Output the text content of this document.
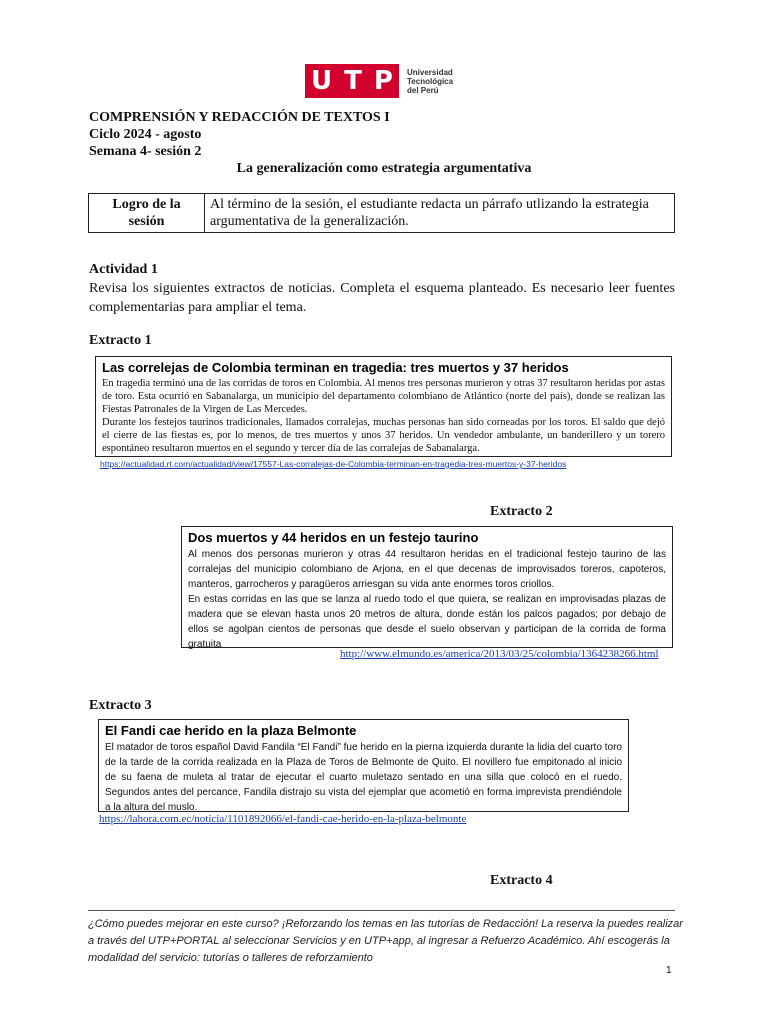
U T P Universidad
Tecnológica
del Perú
COMPRENSIÓN Y REDACCIÓN DE TEXTOS I
Ciclo 2024 - agosto
Semana 4- sesión 2
La generalización como estrategia argumentativa
Logro de la sesión	Al término de la sesión, el estudiante redacta un párrafo utlizando la estrategia argumentativa de la generalización.
Actividad 1
Revisa los siguientes extractos de noticias. Completa el esquema planteado. Es necesario leer fuentes complementarias para ampliar el tema.
Extracto 1
Las correlejas de Colombia terminan en tragedia: tres muertos y 37 heridos

En tragedia terminó una de las corridas de toros en Colombia. Al menos tres personas murieron y otras 37 resultaron heridas por astas de toro. Esta ocurrió en Sabanalarga, un municipio del departamento colombiano de Atlántico (norte del país), donde se realizan las Fiestas Patronales de la Virgen de Las Mercedes.

Durante los festejos taurinos tradicionales, llamados corralejas, muchas personas han sido corneadas por los toros. El saldo que dejó el cierre de las fiestas es, por lo menos, de tres muertos y unos 37 heridos. Un vendedor ambulante, un banderillero y un torero espontáneo resultaron muertos en el segundo y tercer día de las corralejas de Sabanalarga.

https://actualidad.rt.com/actualidad/view/17557-Las-corralejas-de-Colombia-terminan-en-tragedia-tres-muertos-y-37-heridos
Extracto 2
Dos muertos y 44 heridos en un festejo taurino

Al menos dos personas murieron y otras 44 resultaron heridas en el tradicional festejo taurino de las corralejas del municipio colombiano de Arjona, en el que decenas de improvisados toreros, capoteros, manteros, garrocheros y paragüeros arriesgan su vida ante enormes toros criollos.

En estas corridas en las que se lanza al ruedo todo el que quiera, se realizan en improvisadas plazas de madera que se elevan hasta unos 20 metros de altura, donde están los palcos pagados; por debajo de ellos se agolpan cientos de personas que desde el suelo observan y participan de la corrida de forma gratuita

http://www.elmundo.es/america/2013/03/25/colombia/1364238266.html
Extracto 3
El Fandi cae herido en la plaza Belmonte

El matador de toros español David Fandila “El Fandi” fue herido en la pierna izquierda durante la lidia del cuarto toro de la tarde de la corrida realizada en la Plaza de Toros de Belmonte de Quito. El novillero fue empitonado al inicio de su faena de muleta al tratar de ejecutar el cuarto muletazo sentado en una silla que colocó en el ruedo. Segundos antes del percance, Fandila distrajo su vista del ejemplar que acometió en forma imprevista prendiéndole a la altura del muslo.

https://lahora.com.ec/noticia/1101892066/el-fandi-cae-herido-en-la-plaza-belmonte
Extracto 4
¿Cómo puedes mejorar en este curso? ¡Reforzando los temas en las tutorías de Redacción! La reserva la puedes realizar a través del UTP+PORTAL al seleccionar Servicios y en UTP+app, al ingresar a Refuerzo Académico. Ahí escogerás la modalidad del servicio: tutorías o talleres de reforzamiento
1
